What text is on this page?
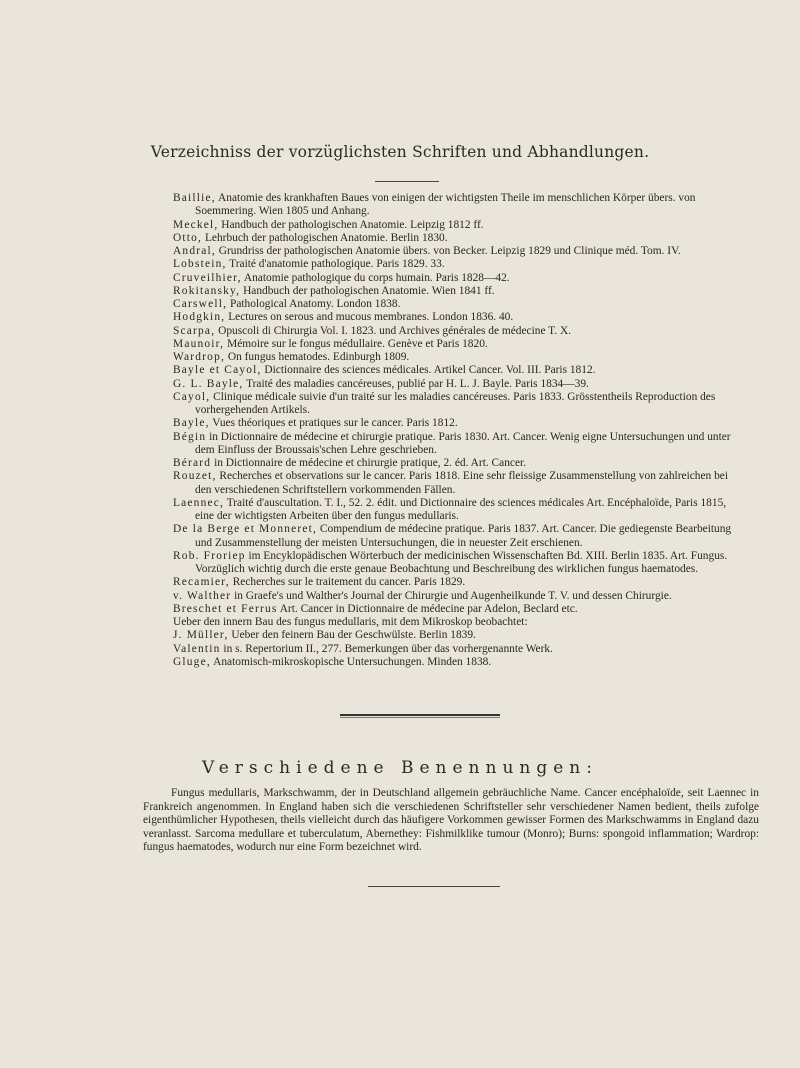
Verzeichniss der vorzüglichsten Schriften und Abhandlungen.
Baillie, Anatomie des krankhaften Baues von einigen der wichtigsten Theile im menschlichen Körper übers. von Soemmering. Wien 1805 und Anhang.
Meckel, Handbuch der pathologischen Anatomie. Leipzig 1812 ff.
Otto, Lehrbuch der pathologischen Anatomie. Berlin 1830.
Andral, Grundriss der pathologischen Anatomie übers. von Becker. Leipzig 1829 und Clinique méd. Tom. IV.
Lobstein, Traité d'anatomie pathologique. Paris 1829. 33.
Cruveilhier, Anatomie pathologique du corps humain. Paris 1828—42.
Rokitansky, Handbuch der pathologischen Anatomie. Wien 1841 ff.
Carswell, Pathological Anatomy. London 1838.
Hodgkin, Lectures on serous and mucous membranes. London 1836. 40.
Scarpa, Opuscoli di Chirurgia Vol. I. 1823. und Archives générales de médecine T. X.
Maunoir, Mémoire sur le fongus médullaire. Genève et Paris 1820.
Wardrop, On fungus hematodes. Edinburgh 1809.
Bayle et Cayol, Dictionnaire des sciences médicales. Artikel Cancer. Vol. III. Paris 1812.
G. L. Bayle, Traité des maladies cancéreuses, publié par H. L. J. Bayle. Paris 1834—39.
Cayol, Clinique médicale suivie d'un traité sur les maladies cancéreuses. Paris 1833. Grösstentheils Reproduction des vorhergehenden Artikels.
Bayle, Vues théoriques et pratiques sur le cancer. Paris 1812.
Bégin in Dictionnaire de médecine et chirurgie pratique. Paris 1830. Art. Cancer. Wenig eigne Untersuchungen und unter dem Einfluss der Broussais'schen Lehre geschrieben.
Bérard in Dictionnaire de médecine et chirurgie pratique, 2. éd. Art. Cancer.
Rouzet, Recherches et observations sur le cancer. Paris 1818. Eine sehr fleissige Zusammenstellung von zahlreichen bei den verschiedenen Schriftstellern vorkommenden Fällen.
Laennec, Traité d'auscultation. T. I., 52. 2. édit. und Dictionnaire des sciences médicales Art. Encéphaloïde, Paris 1815, eine der wichtigsten Arbeiten über den fungus medullaris.
De la Berge et Monneret, Compendium de médecine pratique. Paris 1837. Art. Cancer. Die gediegenste Bearbeitung und Zusammenstellung der meisten Untersuchungen, die in neuester Zeit erschienen.
Rob. Froriep im Encyklopädischen Wörterbuch der medicinischen Wissenschaften Bd. XIII. Berlin 1835. Art. Fungus. Vorzüglich wichtig durch die erste genaue Beobachtung und Beschreibung des wirklichen fungus haematodes.
Recamier, Recherches sur le traitement du cancer. Paris 1829.
v. Walther in Graefe's und Walther's Journal der Chirurgie und Augenheilkunde T. V. und dessen Chirurgie.
Breschet et Ferrus Art. Cancer in Dictionnaire de médecine par Adelon, Beclard etc.
Ueber den innern Bau des fungus medullaris, mit dem Mikroskop beobachtet:
J. Müller, Ueber den feinern Bau der Geschwülste. Berlin 1839.
Valentin in s. Repertorium II., 277. Bemerkungen über das vorhergenannte Werk.
Gluge, Anatomisch-mikroskopische Untersuchungen. Minden 1838.
Verschiedene Benennungen:
Fungus medullaris, Markschwamm, der in Deutschland allgemein gebräuchliche Name. Cancer encéphaloïde, seit Laennec in Frankreich angenommen. In England haben sich die verschiedenen Schriftsteller sehr verschiedener Namen bedient, theils zufolge eigenthümlicher Hypothesen, theils vielleicht durch das häufigere Vorkommen gewisser Formen des Markschwamms in England dazu veranlasst. Sarcoma medullare et tuberculatum, Abernethey: Fishmilklike tumour (Monro); Burns: spongoid inflammation; Wardrop: fungus haematodes, wodurch nur eine Form bezeichnet wird.
